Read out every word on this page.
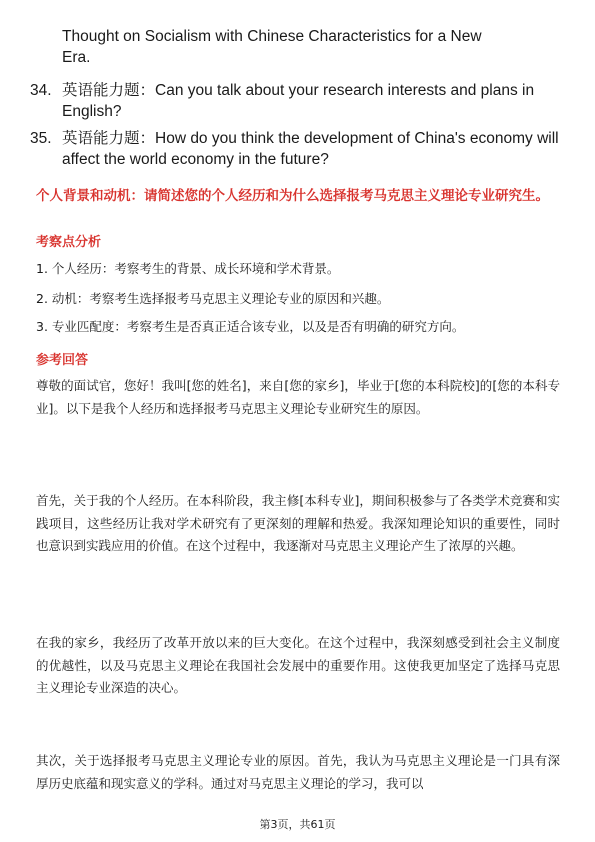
Thought on Socialism with Chinese Characteristics for a New
Era.
34. 英语能力题：Can you talk about your research interests and plans in English?
35. 英语能力题：How do you think the development of China's economy will affect the world economy in the future?
个人背景和动机：请简述您的个人经历和为什么选择报考马克思主义理论专业研究生。
考察点分析
1. 个人经历：考察考生的背景、成长环境和学术背景。
2. 动机：考察考生选择报考马克思主义理论专业的原因和兴趣。
3. 专业匹配度：考察考生是否真正适合该专业，以及是否有明确的研究方向。
参考回答
尊敬的面试官，您好！我叫[您的姓名]，来自[您的家乡]，毕业于[您的本科院校]的[您的本科专业]。以下是我个人经历和选择报考马克思主义理论专业研究生的原因。
首先，关于我的个人经历。在本科阶段，我主修[本科专业]，期间积极参与了各类学术竞赛和实践项目，这些经历让我对学术研究有了更深刻的理解和热爱。我深知理论知识的重要性，同时也意识到实践应用的价值。在这个过程中，我逐渐对马克思主义理论产生了浓厚的兴趣。
在我的家乡，我经历了改革开放以来的巨大变化。在这个过程中，我深刻感受到社会主义制度的优越性，以及马克思主义理论在我国社会发展中的重要作用。这使我更加坚定了选择马克思主义理论专业深造的决心。
其次，关于选择报考马克思主义理论专业的原因。首先，我认为马克思主义理论是一门具有深厚历史底蕴和现实意义的学科。通过对马克思主义理论的学习，我可以
第3页，共61页
